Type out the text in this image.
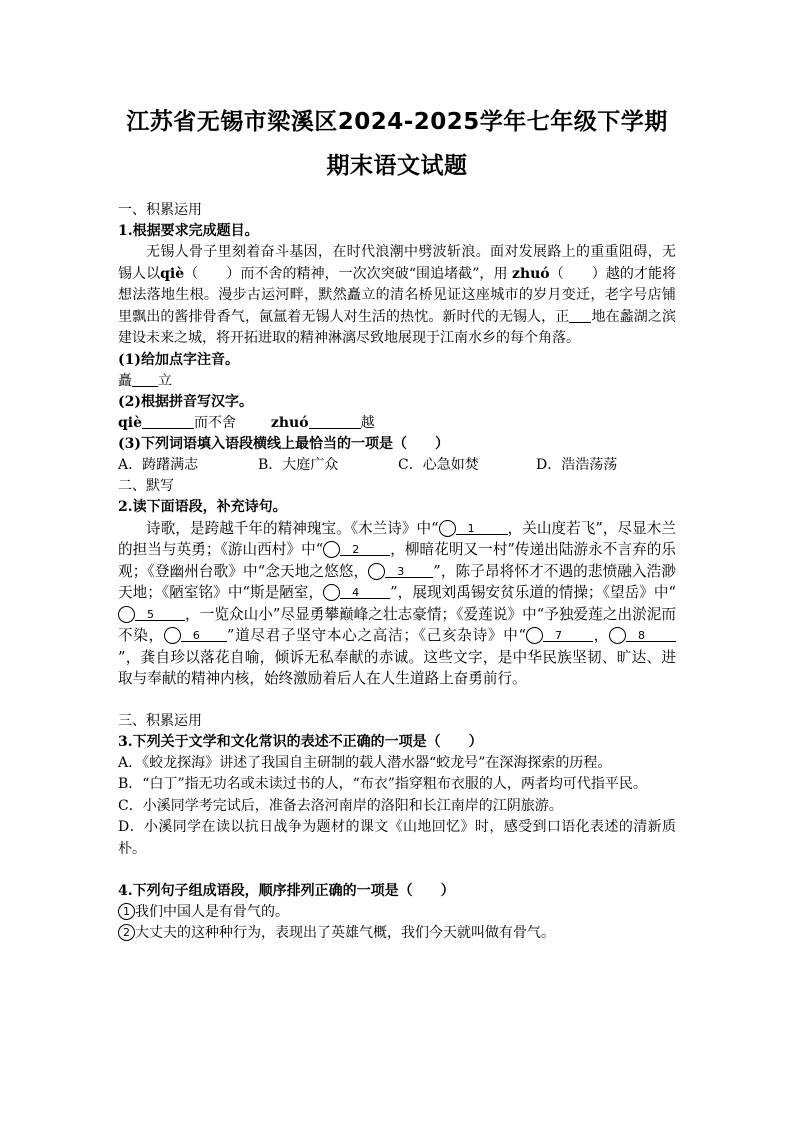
江苏省无锡市梁溪区2024-2025学年七年级下学期
期末语文试题
一、积累运用
1.根据要求完成题目。
无锡人骨子里刻着奋斗基因，在时代浪潮中劈波斩浪。面对发展路上的重重阻碍，无锡人以qiè（　　）而不舍的精神，一次次突破“围追堵截”，用 zhuó（　　）越的才能将想法落地生根。漫步古运河畔，默然矗立的清名桥见证这座城市的岁月变迁，老字号店铺里飘出的酱排骨香气，氤氲着无锡人对生活的热忱。新时代的无锡人，正 地在蠡湖之滨建设未来之城，将开拓进取的精神淋漓尽致地展现于江南水乡的每个角落。
(1)给加点字注音。
矗 立
(2)根据拼音写汉字。
qiè	而不舍 zhuó	越
(3)下列词语填入语段横线上最恰当的一项是（　　）
A．踌躇满志	B．大庭广众	C．心急如焚	D．浩浩荡荡
二、默写
2.读下面语段，补充诗句。
诗歌，是跨越千年的精神瑰宝。《木兰诗》中“	1 ，关山度若飞”，尽显木兰的担当与英勇；《游山西村》中“	2 ，柳暗花明又一村”传递出陆游永不言弃的乐观；《登幽州台歌》中“念天地之悠悠，	3 ”，陈子昂将怀才不遇的悲愤融入浩渺天地；《陋室铭》中“斯是陋室，	4 ”，展现刘禹锡安贫乐道的情操；《望岳》中“5 ，一览众山小”尽显勇攀巅峰之壮志豪情；《爱莲说》中“予独爱莲之出淤泥而不染，	6 ”道尽君子坚守本心之高洁；《己亥杂诗》中“	7 ，	8”，龚自珍以落花自喻，倾诉无私奉献的赤诚。这些文字，是中华民族坚韧、旷达、进取与奉献的精神内核，始终激励着后人在人生道路上奋勇前行。
三、积累运用
3.下列关于文学和文化常识的表述不正确的一项是（　　）
A．《蛟龙探海》讲述了我国自主研制的载人潜水器“蛟龙号”在深海探索的历程。
B．“白丁”指无功名或未读过书的人，“布衣”指穿粗布衣服的人，两者均可代指平民。
C．小溪同学考完试后，准备去洛河南岸的洛阳和长江南岸的江阴旅游。
D．小溪同学在读以抗日战争为题材的课文《山地回忆》时，感受到口语化表述的清新质朴。
4.下列句子组成语段，顺序排列正确的一项是（　　）
1 我们中国人是有骨气的。
2 大丈夫的这种种行为，表现出了英雄气概，我们今天就叫做有骨气。
